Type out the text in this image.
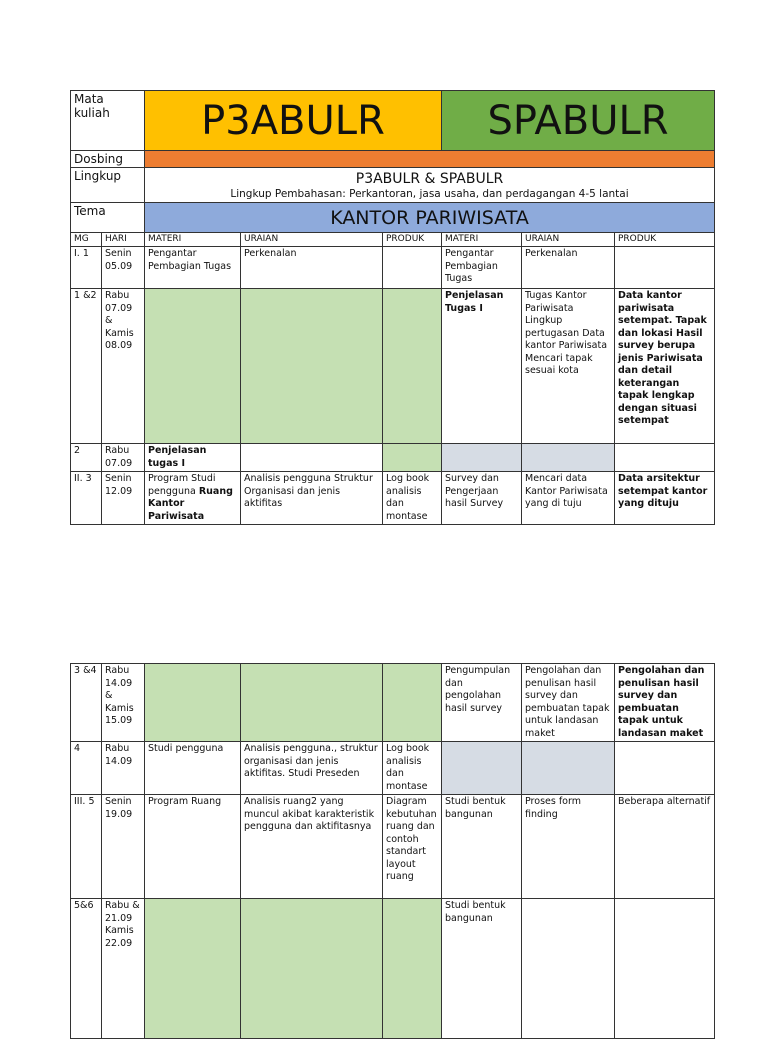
Mata kuliah		P3ABULR			SPABULR		
Dosbing							
Lingkup		P3ABULR & SPABULR
Lingkup Pembahasan: Perkantoran, jasa usaha, dan perdagangan 4-5 lantai					

Tema		KANTOR PARIWISATA					
MG	HARI	MATERI	URAIAN	PRODUK	MATERI	URAIAN	PRODUK
I. 1	Senin 05.09	Pengantar Pembagian Tugas	Perkenalan		Pengantar Pembagian Tugas	Perkenalan	
1 &2	Rabu 07.09 & Kamis 08.09				Penjelasan Tugas I	Tugas Kantor Pariwisata Lingkup pertugasan Data kantor Pariwisata Mencari tapak sesuai kota	Data kantor pariwisata setempat. Tapak dan lokasi Hasil survey berupa jenis Pariwisata dan detail keterangan tapak lengkap dengan situasi setempat
2	Rabu 07.09	Penjelasan tugas I					
II. 3	Senin 12.09	Program Studi pengguna Ruang Kantor Pariwisata	Analisis pengguna Struktur Organisasi dan jenis aktifitas	Log book analisis dan montase	Survey dan Pengerjaan hasil Survey	Mencari data Kantor Pariwisata yang di tuju	Data arsitektur setempat kantor yang dituju
3 &4	Rabu 14.09 & Kamis 15.09				Pengumpulan dan pengolahan hasil survey	Pengolahan dan penulisan hasil survey dan pembuatan tapak untuk landasan maket	Pengolahan dan penulisan hasil survey dan pembuatan tapak untuk landasan maket
4	Rabu 14.09	Studi pengguna	Analisis pengguna., struktur organisasi dan jenis aktifitas. Studi Preseden	Log book analisis dan montase			
III. 5	Senin 19.09	Program Ruang	Analisis ruang2 yang muncul akibat karakteristik pengguna dan aktifitasnya	Diagram kebutuhan ruang dan contoh standart layout ruang	Studi bentuk bangunan	Proses form finding	Beberapa alternatif
5&6	Rabu & 21.09 Kamis 22.09				Studi bentuk bangunan		
